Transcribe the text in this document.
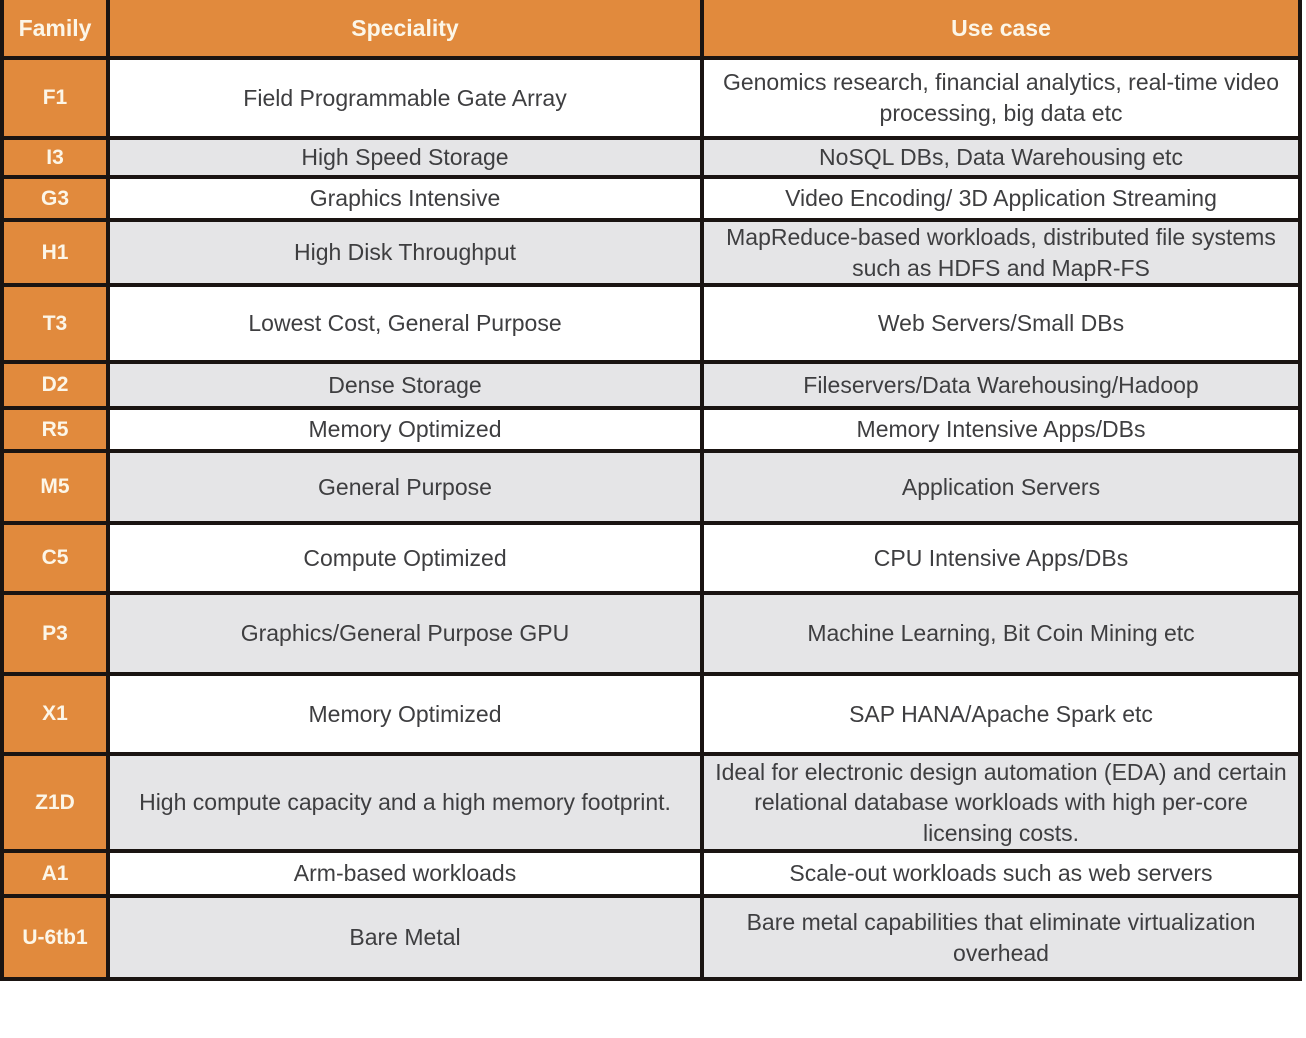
Family	Speciality	Use case
F1	Field Programmable Gate Array	Genomics research, financial analytics, real-time video processing, big data etc
I3	High Speed Storage	NoSQL DBs, Data Warehousing etc
G3	Graphics Intensive	Video Encoding/ 3D Application Streaming
H1	High Disk Throughput	MapReduce-based workloads, distributed file systems such as HDFS and MapR-FS
T3	Lowest Cost, General Purpose	Web Servers/Small DBs
D2	Dense Storage	Fileservers/Data Warehousing/Hadoop
R5	Memory Optimized	Memory Intensive Apps/DBs
M5	General Purpose	Application Servers
C5	Compute Optimized	CPU Intensive Apps/DBs
P3	Graphics/General Purpose GPU	Machine Learning, Bit Coin Mining etc
X1	Memory Optimized	SAP HANA/Apache Spark etc
Z1D	High compute capacity and a high memory footprint.	Ideal for electronic design automation (EDA) and certain relational database workloads with high per-core licensing costs.
A1	Arm-based workloads	Scale-out workloads such as web servers
U-6tb1	Bare Metal	Bare metal capabilities that eliminate virtualization overhead
